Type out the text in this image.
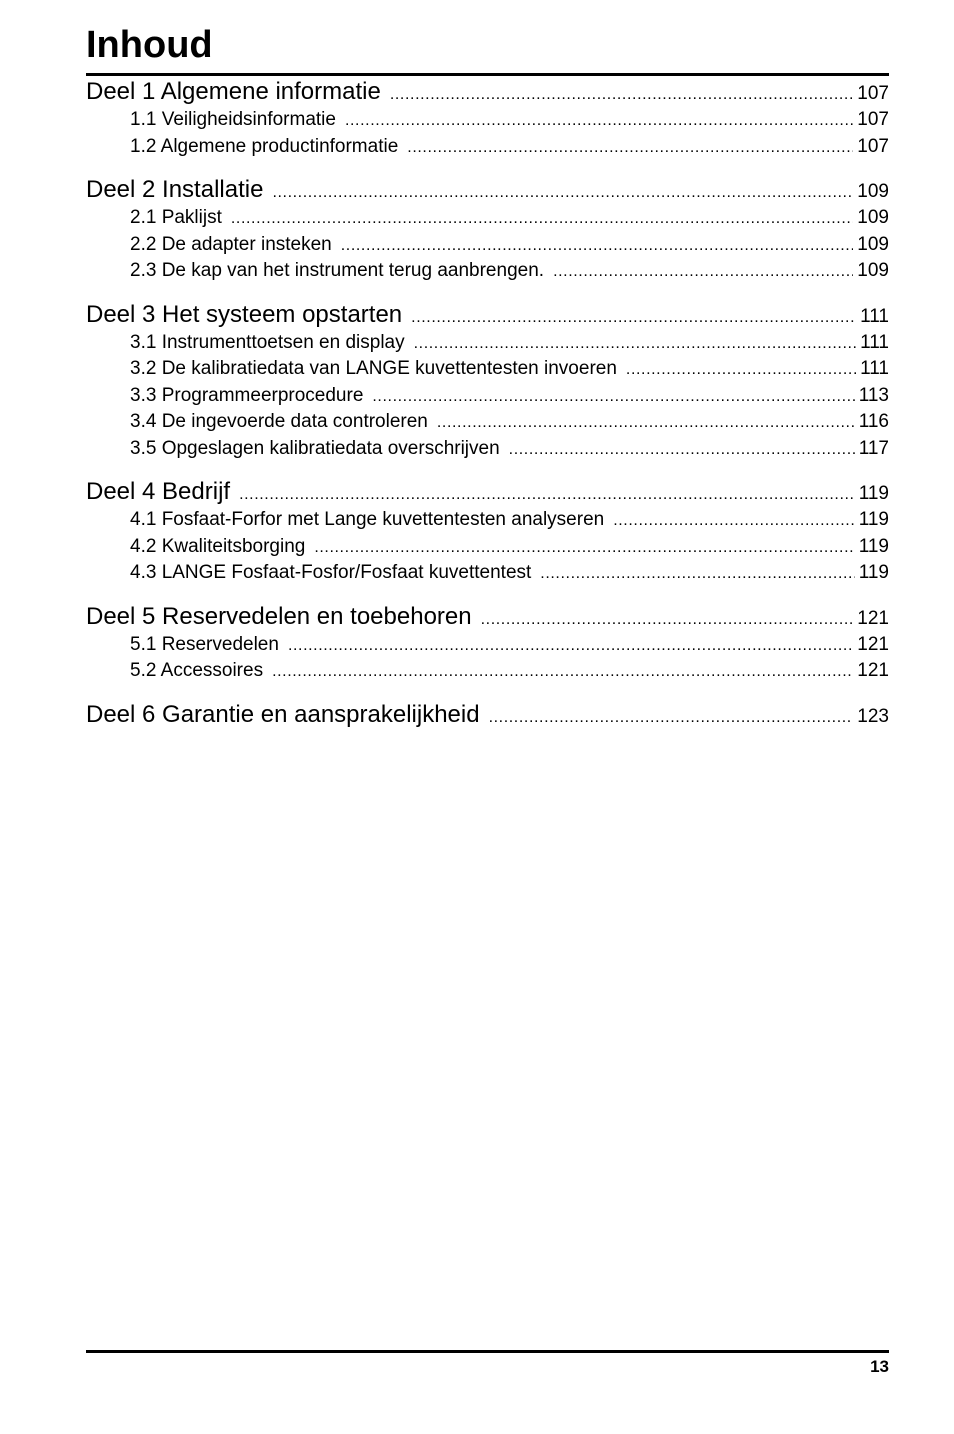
Inhoud
Deel 1 Algemene informatie .....	107
1.1 Veiligheidsinformatie .....	107
1.2 Algemene productinformatie .....	107
Deel 2 Installatie .....	109
2.1 Paklijst .....	109
2.2 De adapter insteken .....	109
2.3 De kap van het instrument terug aanbrengen. .....	109
Deel 3 Het systeem opstarten .....	111
3.1 Instrumenttoetsen en display .....	111
3.2 De kalibratiedata van LANGE kuvettentesten invoeren .....	111
3.3 Programmeerprocedure .....	113
3.4 De ingevoerde data controleren .....	116
3.5 Opgeslagen kalibratiedata overschrijven .....	117
Deel 4 Bedrijf .....	119
4.1 Fosfaat-Forfor met Lange kuvettentesten analyseren .....	119
4.2 Kwaliteitsborging .....	119
4.3 LANGE Fosfaat-Fosfor/Fosfaat kuvettentest .....	119
Deel 5 Reservedelen en toebehoren .....	121
5.1 Reservedelen .....	121
5.2 Accessoires .....	121
Deel 6 Garantie en aansprakelijkheid .....	123
13
